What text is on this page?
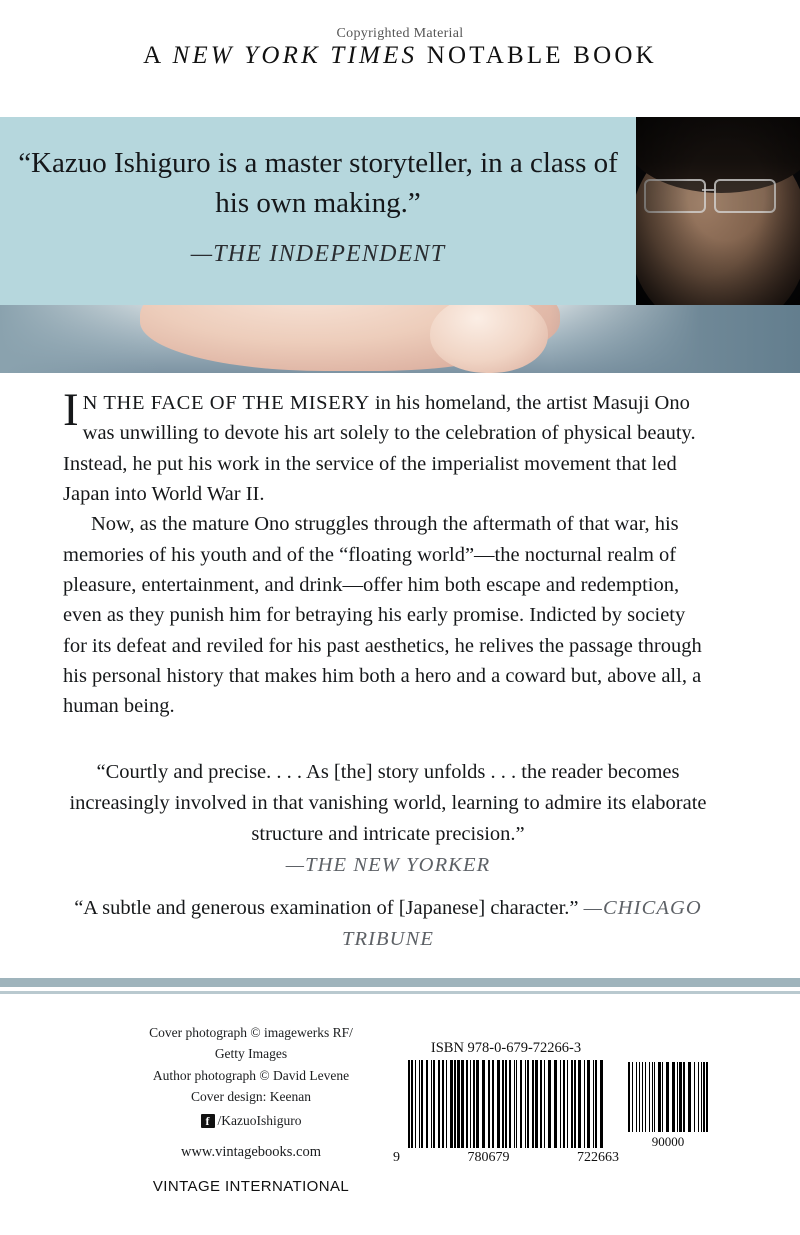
Copyrighted Material
A NEW YORK TIMES NOTABLE BOOK
“Kazuo Ishiguro is a master storyteller, in a class of his own making.”
—THE INDEPENDENT

I N THE FACE OF THE MISERY in his homeland, the artist Masuji Ono was unwilling to devote his art solely to the celebration of physical beauty. Instead, he put his work in the service of the imperialist movement that led Japan into World War II.

Now, as the mature Ono struggles through the aftermath of that war, his memories of his youth and of the “floating world”—the nocturnal realm of pleasure, entertainment, and drink—offer him both escape and redemption, even as they punish him for betraying his early promise. Indicted by society for its defeat and reviled for his past aesthetics, he relives the passage through his personal history that makes him both a hero and a coward but, above all, a human being.

“Courtly and precise. . . . As [the] story unfolds . . . the reader becomes increasingly involved in that vanishing world, learning to admire its elaborate structure and intricate precision.”
—THE NEW YORKER
“A subtle and generous examination of [Japanese] character.” —CHICAGO TRIBUNE
Cover photograph © imagewerks RF/
Getty Images
Author photograph © David Levene
Cover design: Keenan
f /KazuoIshiguro
www.vintagebooks.com
VINTAGE INTERNATIONAL
ISBN 978-0-679-72266-3
9	780679	722663
90000
